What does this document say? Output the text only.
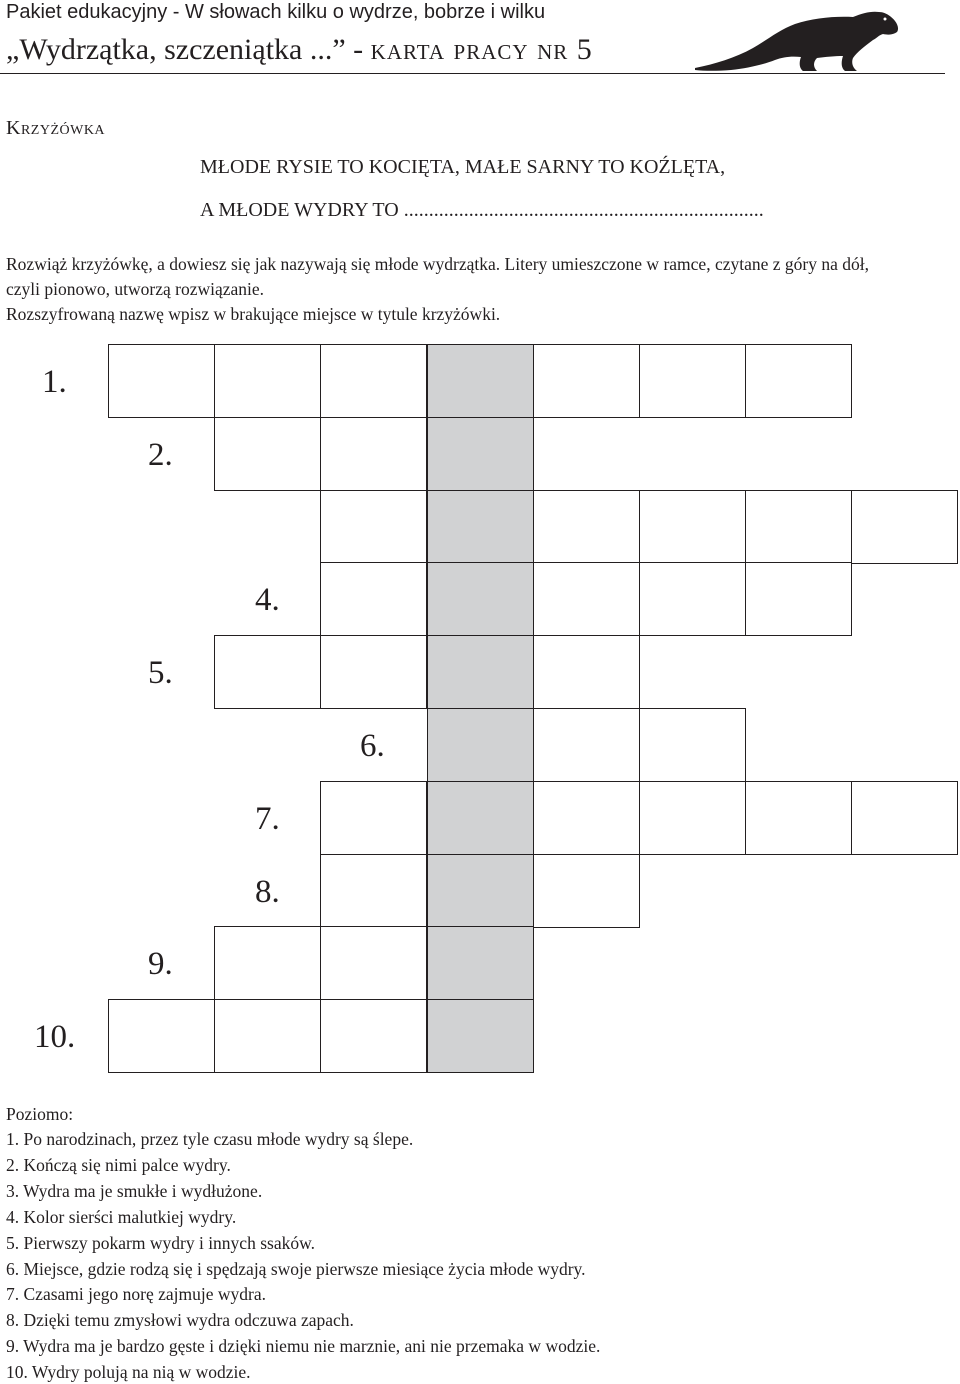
Pakiet edukacyjny - W słowach kilku o wydrze, bobrze i wilku
„Wydrzątka, szczeniątka ...” - karta pracy nr 5
Krzyżówka
MŁODE RYSIE TO KOCIĘTA, MAŁE SARNY TO KOŹLĘTA,
A MŁODE WYDRY TO ........................................................................
Rozwiąż krzyżówkę, a dowiesz się jak nazywają się młode wydrzątka. Litery umieszczone w ramce, czytane z góry na dół,
czyli pionowo, utworzą rozwiązanie.
Rozszyfrowaną nazwę wpisz w brakujące miejsce w tytule krzyżówki.
1.
2.
4.
5.
6.
7.
8.
9.
10.
Poziomo:
1. Po narodzinach, przez tyle czasu młode wydry są ślepe.
2. Kończą się nimi palce wydry.
3. Wydra ma je smukłe i wydłużone.
4. Kolor sierści malutkiej wydry.
5. Pierwszy pokarm wydry i innych ssaków.
6. Miejsce, gdzie rodzą się i spędzają swoje pierwsze miesiące życia młode wydry.
7. Czasami jego norę zajmuje wydra.
8. Dzięki temu zmysłowi wydra odczuwa zapach.
9. Wydra ma je bardzo gęste i dzięki niemu nie marznie, ani nie przemaka w wodzie.
10. Wydry polują na nią w wodzie.
